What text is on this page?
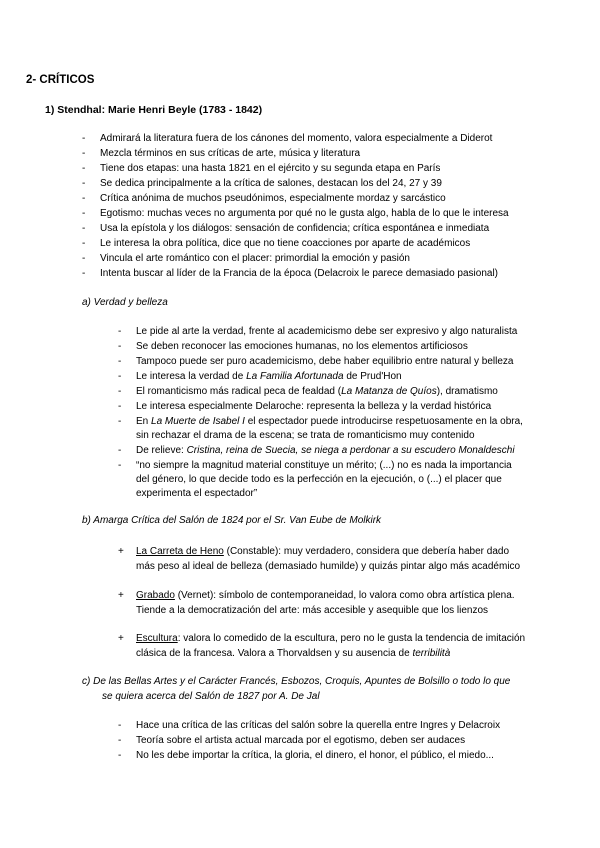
2- CRÍTICOS
1) Stendhal: Marie Henri Beyle (1783 - 1842)
- Admirará la literatura fuera de los cánones del momento, valora especialmente a Diderot
- Mezcla términos en sus críticas de arte, música y literatura
- Tiene dos etapas: una hasta 1821 en el ejército y su segunda etapa en París
- Se dedica principalmente a la crítica de salones, destacan los del 24, 27 y 39
- Crítica anónima de muchos pseudónimos, especialmente mordaz y sarcástico
- Egotismo: muchas veces no argumenta por qué no le gusta algo, habla de lo que le interesa
- Usa la epístola y los diálogos: sensación de confidencia; crítica espontánea e inmediata
- Le interesa la obra política, dice que no tiene coacciones por aparte de académicos
- Vincula el arte romántico con el placer: primordial la emoción y pasión
- Intenta buscar al líder de la Francia de la época (Delacroix le parece demasiado pasional)
a) Verdad y belleza
- Le pide al arte la verdad, frente al academicismo debe ser expresivo y algo naturalista
- Se deben reconocer las emociones humanas, no los elementos artificiosos
- Tampoco puede ser puro academicismo, debe haber equilibrio entre natural y belleza
- Le interesa la verdad de La Familia Afortunada de Prud'Hon
- El romanticismo más radical peca de fealdad (La Matanza de Quíos), dramatismo
- Le interesa especialmente Delaroche: representa la belleza y la verdad histórica
- En La Muerte de Isabel I el espectador puede introducirse respetuosamente en la obra,
sin rechazar el drama de la escena; se trata de romanticismo muy contenido
- De relieve: Cristina, reina de Suecia, se niega a perdonar a su escudero Monaldeschi
- “no siempre la magnitud material constituye un mérito; (...) no es nada la importancia
del género, lo que decide todo es la perfección en la ejecución, o (...) el placer que
experimenta el espectador”
b) Amarga Crítica del Salón de 1824 por el Sr. Van Eube de Molkirk
+ La Carreta de Heno (Constable): muy verdadero, considera que debería haber dado
más peso al ideal de belleza (demasiado humilde) y quizás pintar algo más académico
+ Grabado (Vernet): símbolo de contemporaneidad, lo valora como obra artística plena.
Tiende a la democratización del arte: más accesible y asequible que los lienzos
+ Escultura: valora lo comedido de la escultura, pero no le gusta la tendencia de imitación
clásica de la francesa. Valora a Thorvaldsen y su ausencia de terribilità
c) De las Bellas Artes y el Carácter Francés, Esbozos, Croquis, Apuntes de Bolsillo o todo lo que
se quiera acerca del Salón de 1827 por A. De Jal
- Hace una crítica de las críticas del salón sobre la querella entre Ingres y Delacroix
- Teoría sobre el artista actual marcada por el egotismo, deben ser audaces
- No les debe importar la crítica, la gloria, el dinero, el honor, el público, el miedo...
